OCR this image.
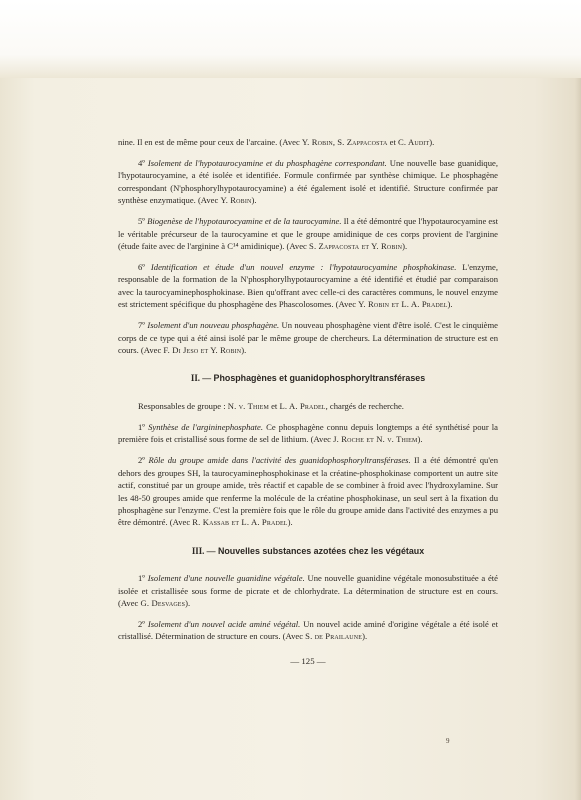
nine. Il en est de même pour ceux de l'arcaine. (Avec Y. Robin, S. Zappacosta et C. Audit).

4º Isolement de l'hypotaurocyamine et du phosphagène correspondant. Une nouvelle base guanidique, l'hypotaurocyamine, a été isolée et identifiée. Formule confirmée par synthèse chimique. Le phosphagène correspondant (N'phosphorylhypotaurocyamine) a été également isolé et identifié. Structure confirmée par synthèse enzymatique. (Avec Y. Robin).

5º Biogenèse de l'hypotaurocyamine et de la taurocyamine. Il a été démontré que l'hypotaurocyamine est le véritable précurseur de la taurocyamine et que le groupe amidinique de ces corps provient de l'arginine (étude faite avec de l'arginine à C¹⁴ amidinique). (Avec S. Zappacosta et Y. Robin).

6º Identification et étude d'un nouvel enzyme : l'hypotaurocyamine phosphokinase. L'enzyme, responsable de la formation de la N'phosphorylhypotaurocyamine a été identifié et étudié par comparaison avec la taurocyaminephosphokinase. Bien qu'offrant avec celle-ci des caractères communs, le nouvel enzyme est strictement spécifique du phosphagène des Phascolosomes. (Avec Y. Robin et L. A. Pradel).

7º Isolement d'un nouveau phosphagène. Un nouveau phosphagène vient d'être isolé. C'est le cinquième corps de ce type qui a été ainsi isolé par le même groupe de chercheurs. La détermination de structure est en cours. (Avec F. Di Jeso et Y. Robin).

II. — Phosphagènes et guanidophosphoryltransférases

Responsables de groupe : N. v. Thiem et L. A. Pradel, chargés de recherche.

1º Synthèse de l'argininephosphate. Ce phosphagène connu depuis longtemps a été synthétisé pour la première fois et cristallisé sous forme de sel de lithium. (Avec J. Roche et N. v. Thiem).

2º Rôle du groupe amide dans l'activité des guanidophosphoryltransférases. Il a été démontré qu'en dehors des groupes SH, la taurocyaminephosphokinase et la créatine-phosphokinase comportent un autre site actif, constitué par un groupe amide, très réactif et capable de se combiner à froid avec l'hydroxylamine. Sur les 48-50 groupes amide que renferme la molécule de la créatine phosphokinase, un seul sert à la fixation du phosphagène sur l'enzyme. C'est la première fois que le rôle du groupe amide dans l'activité des enzymes a pu être démontré. (Avec R. Kassab et L. A. Pradel).

III. — Nouvelles substances azotées chez les végétaux

1º Isolement d'une nouvelle guanidine végétale. Une nouvelle guanidine végétale monosubstituée a été isolée et cristallisée sous forme de picrate et de chlorhydrate. La détermination de structure est en cours. (Avec G. Desvages).

2º Isolement d'un nouvel acide aminé végétal. Un nouvel acide aminé d'origine végétale a été isolé et cristallisé. Détermination de structure en cours. (Avec S. de Prailaune).

— 125 —
9
